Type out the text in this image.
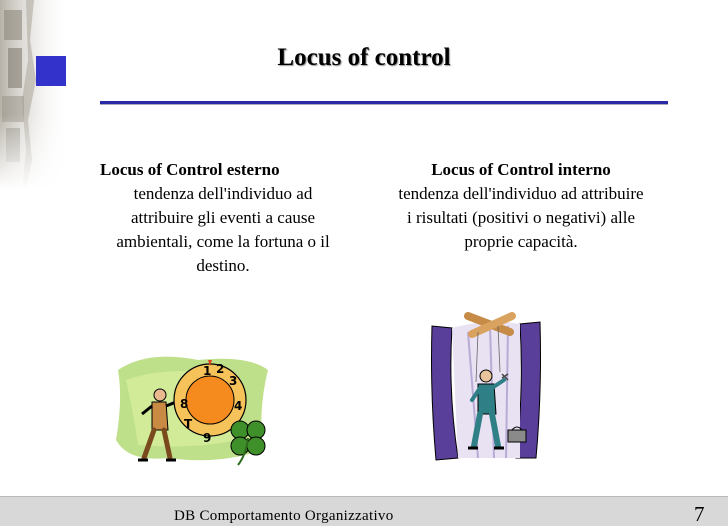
Locus of control
Locus of Control esterno
tendenza dell'individuo ad
attribuire gli eventi a cause
ambientali, come la fortuna o il
destino.
Locus of Control interno
tendenza dell'individuo ad attribuire
i risultati (positivi o negativi) alle
proprie capacità.
1 2
3
4
9
T
8
DB Comportamento Organizzativo	7
